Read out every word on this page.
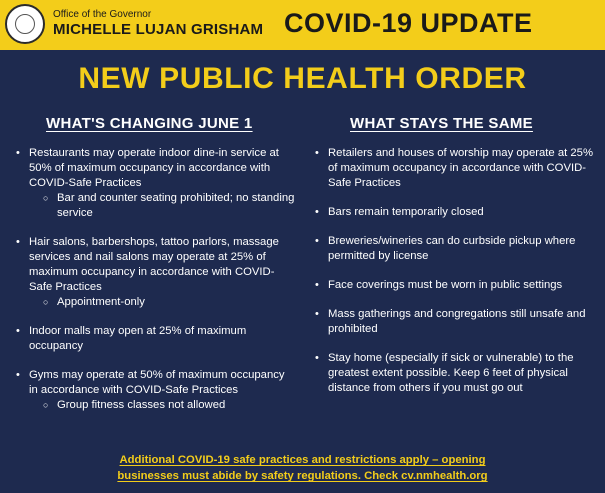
Office of the Governor
MICHELLE LUJAN GRISHAM COVID-19 UPDATE
NEW PUBLIC HEALTH ORDER
WHAT'S CHANGING JUNE 1	WHAT STAYS THE SAME
• Restaurants may operate indoor dine-in service at 50% of maximum occupancy in accordance with COVID-Safe Practices
○ Bar and counter seating prohibited; no standing service
• Hair salons, barbershops, tattoo parlors, massage services and nail salons may operate at 25% of maximum occupancy in accordance with COVID-Safe Practices
○ Appointment-only
• Indoor malls may open at 25% of maximum occupancy
• Gyms may operate at 50% of maximum occupancy in accordance with COVID-Safe Practices
○ Group fitness classes not allowed
• Retailers and houses of worship may operate at 25% of maximum occupancy in accordance with COVID-Safe Practices
• Bars remain temporarily closed
• Breweries/wineries can do curbside pickup where permitted by license
• Face coverings must be worn in public settings
• Mass gatherings and congregations still unsafe and prohibited
• Stay home (especially if sick or vulnerable) to the greatest extent possible. Keep 6 feet of physical distance from others if you must go out
Additional COVID-19 safe practices and restrictions apply – opening
businesses must abide by safety regulations. Check cv.nmhealth.org
